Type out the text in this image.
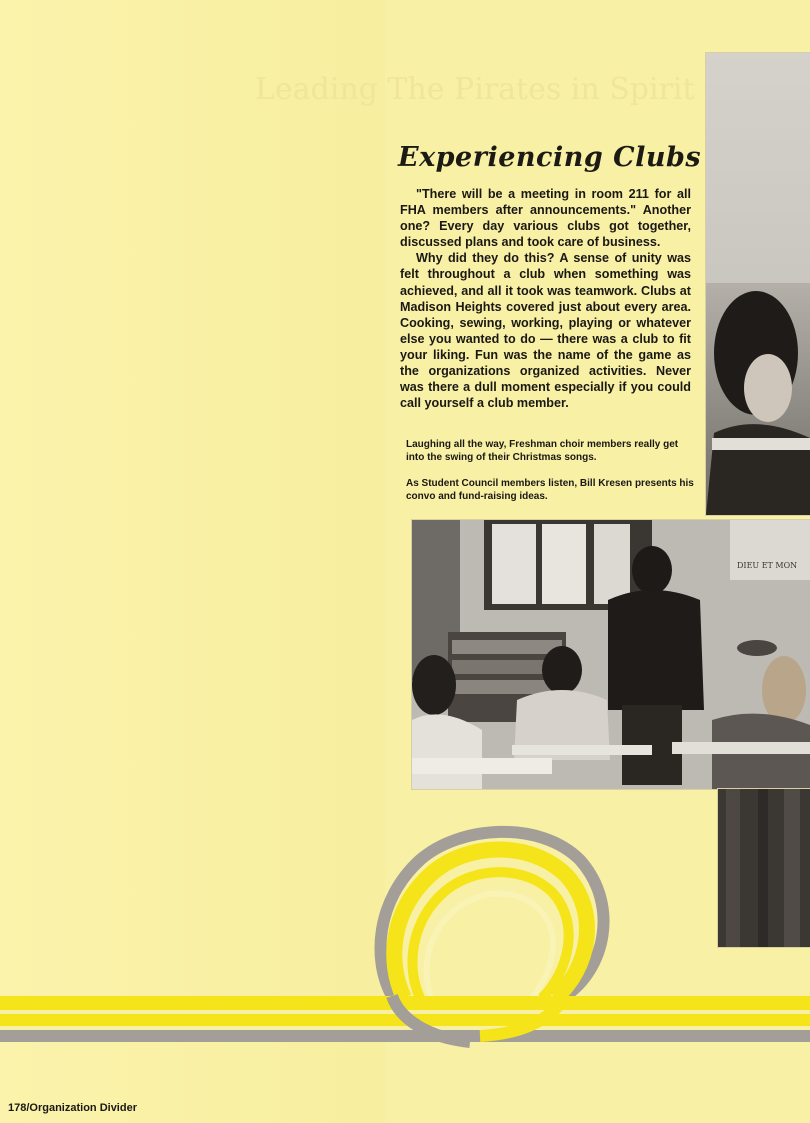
Leading The Pirates in Spirit
Experiencing Clubs

"There will be a meeting in room 211 for all FHA members after announcements." Another one? Every day various clubs got together, discussed plans and took care of business.

Why did they do this? A sense of unity was felt throughout a club when something was achieved, and all it took was teamwork. Clubs at Madison Heights covered just about every area. Cooking, sewing, working, playing or whatever else you wanted to do — there was a club to fit your liking. Fun was the name of the game as the organizations organized activities. Never was there a dull moment especially if you could call yourself a club member.

Laughing all the way, Freshman choir members really get into the swing of their Christmas songs.
As Student Council members listen, Bill Kresen presents his convo and fund-raising ideas.
DIEU ET MON
178/Organization Divider
